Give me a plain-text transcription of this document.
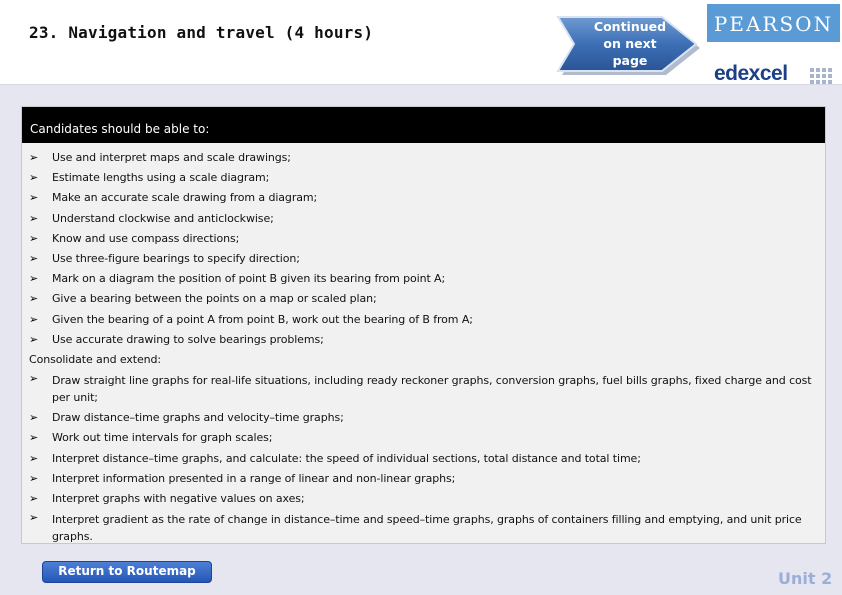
23. Navigation and travel (4 hours)	Continued
on next
page
PEARSON
edexcel
Candidates should be able to:
➢ Use and interpret maps and scale drawings;
➢ Estimate lengths using a scale diagram;
➢ Make an accurate scale drawing from a diagram;
➢ Understand clockwise and anticlockwise;
➢ Know and use compass directions;
➢ Use three-figure bearings to specify direction;
➢ Mark on a diagram the position of point B given its bearing from point A;
➢ Give a bearing between the points on a map or scaled plan;
➢ Given the bearing of a point A from point B, work out the bearing of B from A;
➢ Use accurate drawing to solve bearings problems;
Consolidate and extend:
➢ Draw straight line graphs for real-life situations, including ready reckoner graphs, conversion graphs, fuel bills graphs, fixed charge and cost per unit;
➢ Draw distance–time graphs and velocity–time graphs;
➢ Work out time intervals for graph scales;
➢ Interpret distance–time graphs, and calculate: the speed of individual sections, total distance and total time;
➢ Interpret information presented in a range of linear and non-linear graphs;
➢ Interpret graphs with negative values on axes;
➢ Interpret gradient as the rate of change in distance–time and speed–time graphs, graphs of containers filling and emptying, and unit price graphs.
Return to Routemap	Unit 2
